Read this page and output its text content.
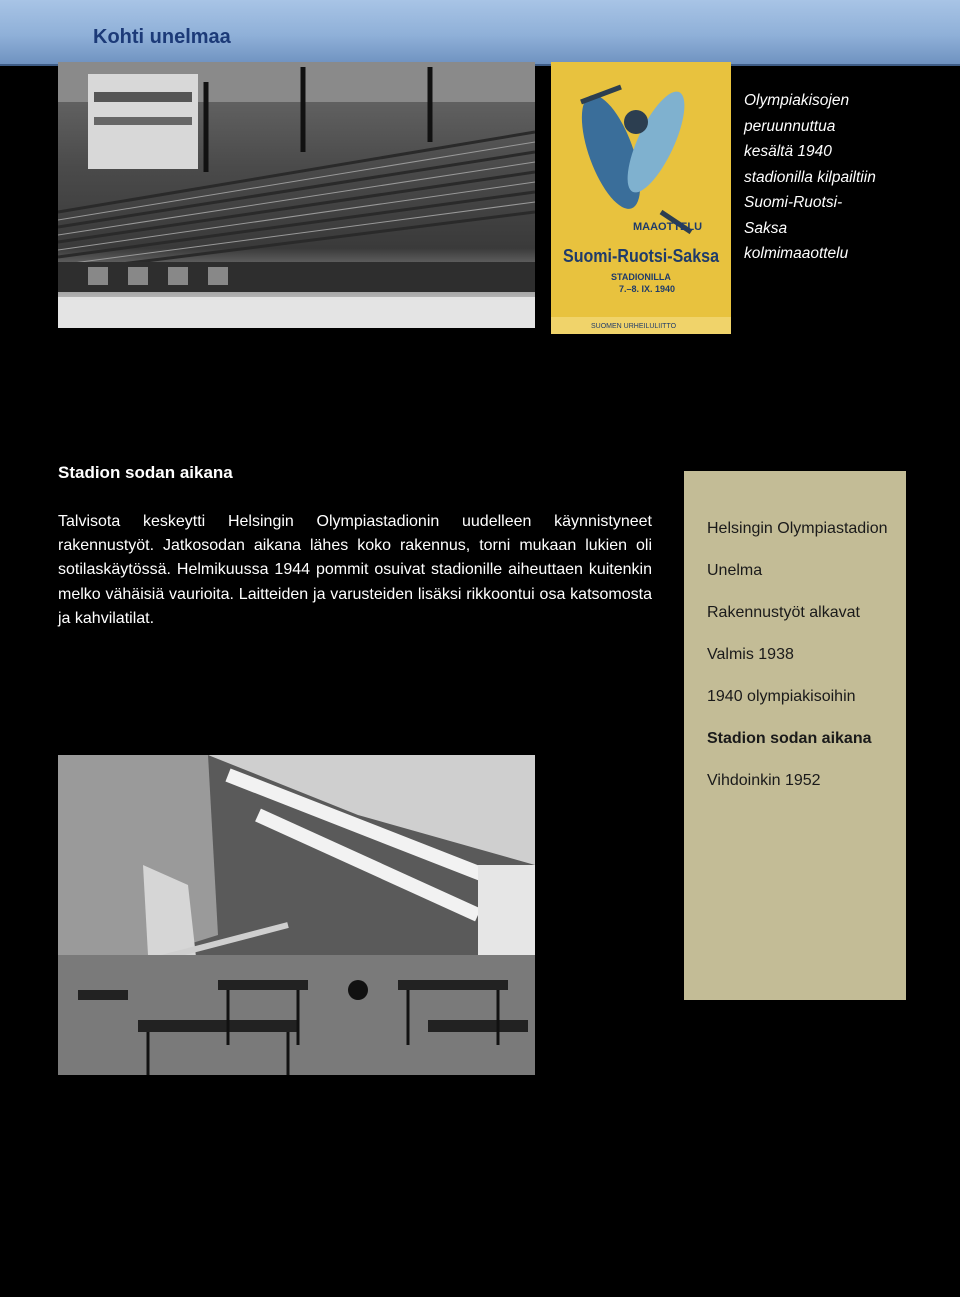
Kohti unelmaa
MAAOTTELU
Suomi-Ruotsi-Saksa
STADIONILLA
7.–8. IX. 1940
SUOMEN URHEILULIITTO
Olympiakisojen peruunnuttua kesältä 1940 stadionilla kilpailtiin Suomi-Ruotsi-Saksa kolmimaaottelu
Stadion sodan aikana
Talvisota keskeytti Helsingin Olympiastadionin uudelleen käynnistyneet rakennustyöt. Jatkosodan aikana lähes koko rakennus, torni mukaan lukien oli sotilaskäytössä. Helmikuussa 1944 pommit osuivat stadionille aiheuttaen kuitenkin melko vähäisiä vaurioita. Laitteiden ja varusteiden lisäksi rikkoontui osa katsomosta ja kahvilatilat.
Helsingin Olympiastadion
Unelma
Rakennustyöt alkavat
Valmis 1938
1940 olympiakisoihin
Stadion sodan aikana
Vihdoinkin 1952
